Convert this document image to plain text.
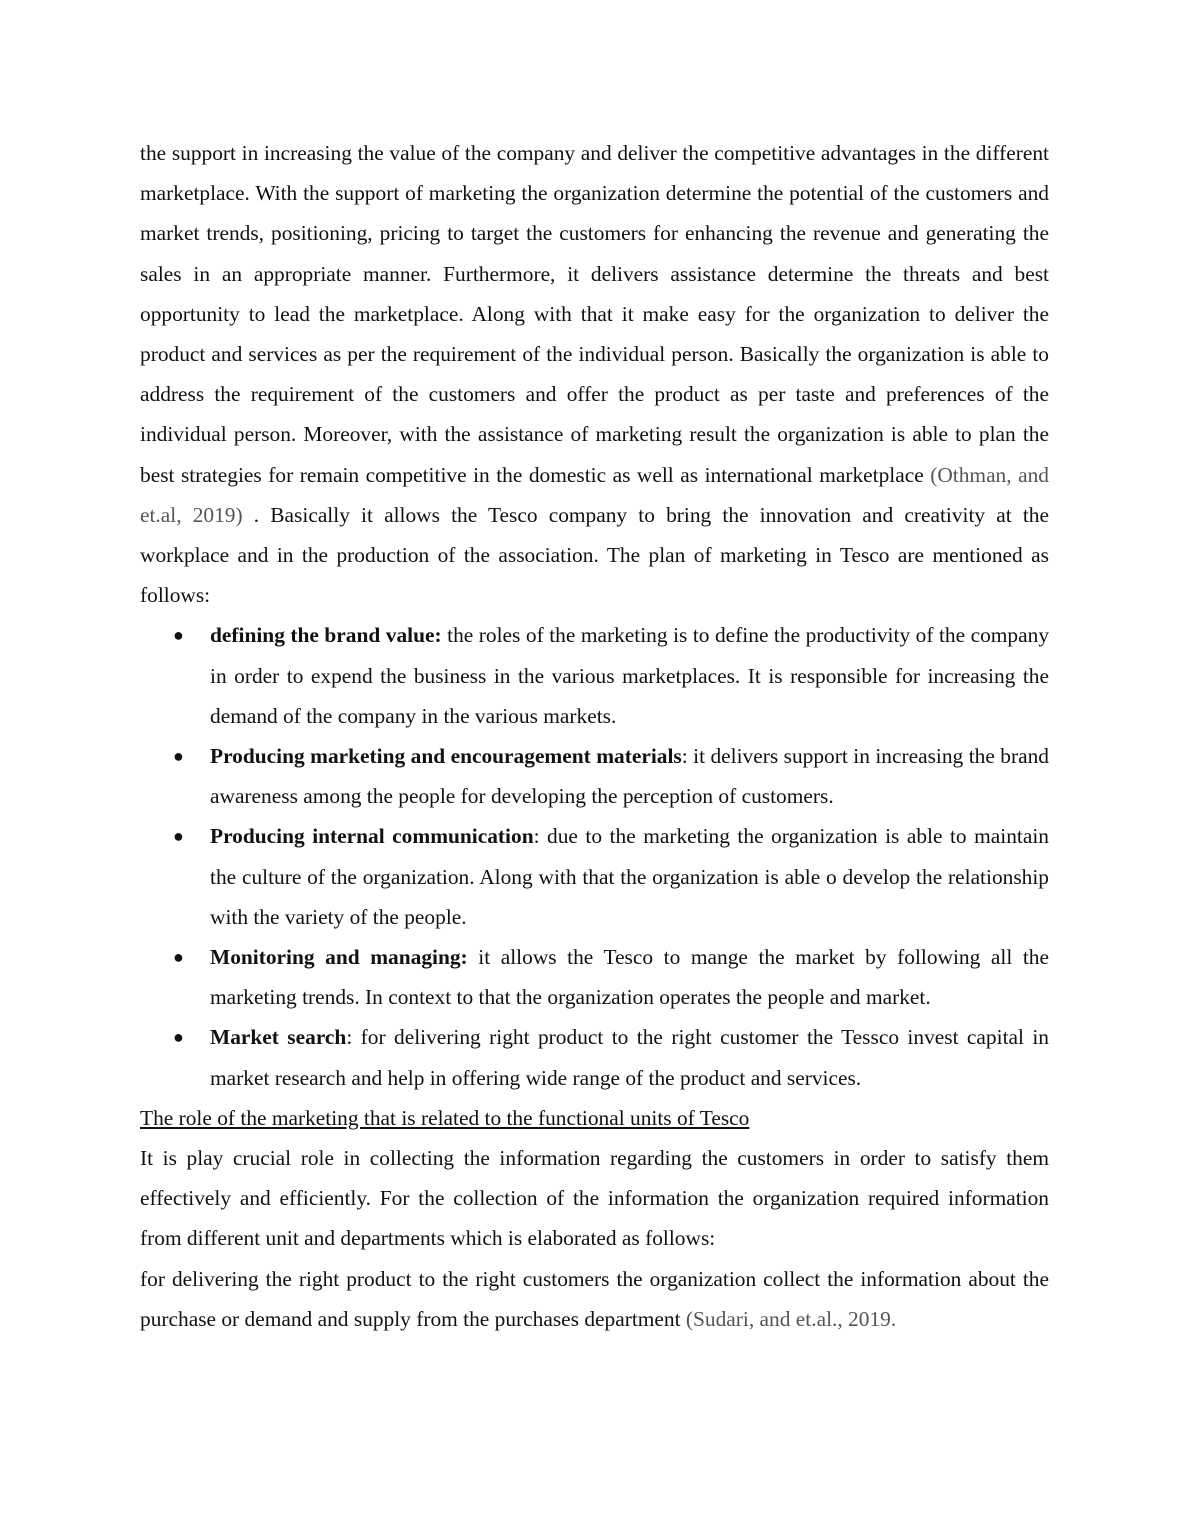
the support in increasing the value of the company and deliver the competitive advantages in the different marketplace. With the support of marketing the organization determine the potential of the customers and market trends, positioning, pricing to target the customers for enhancing the revenue and generating the sales in an appropriate manner. Furthermore, it delivers assistance determine the threats and best opportunity to lead the marketplace. Along with that it make easy for the organization to deliver the product and services as per the requirement of the individual person. Basically the organization is able to address the requirement of the customers and offer the product as per taste and preferences of the individual person. Moreover, with the assistance of marketing result the organization is able to plan the best strategies for remain competitive in the domestic as well as international marketplace (Othman, and et.al, 2019) . Basically it allows the Tesco company to bring the innovation and creativity at the workplace and in the production of the association. The plan of marketing in Tesco are mentioned as follows:

● defining the brand value: the roles of the marketing is to define the productivity of the company in order to expend the business in the various marketplaces. It is responsible for increasing the demand of the company in the various markets.
● Producing marketing and encouragement materials: it delivers support in increasing the brand awareness among the people for developing the perception of customers.
● Producing internal communication: due to the marketing the organization is able to maintain the culture of the organization. Along with that the organization is able o develop the relationship with the variety of the people.
● Monitoring and managing: it allows the Tesco to mange the market by following all the marketing trends. In context to that the organization operates the people and market.
● Market search: for delivering right product to the right customer the Tessco invest capital in market research and help in offering wide range of the product and services.

The role of the marketing that is related to the functional units of Tesco

It is play crucial role in collecting the information regarding the customers in order to satisfy them effectively and efficiently. For the collection of the information the organization required information from different unit and departments which is elaborated as follows:

for delivering the right product to the right customers the organization collect the information about the purchase or demand and supply from the purchases department (Sudari, and et.al., 2019.
